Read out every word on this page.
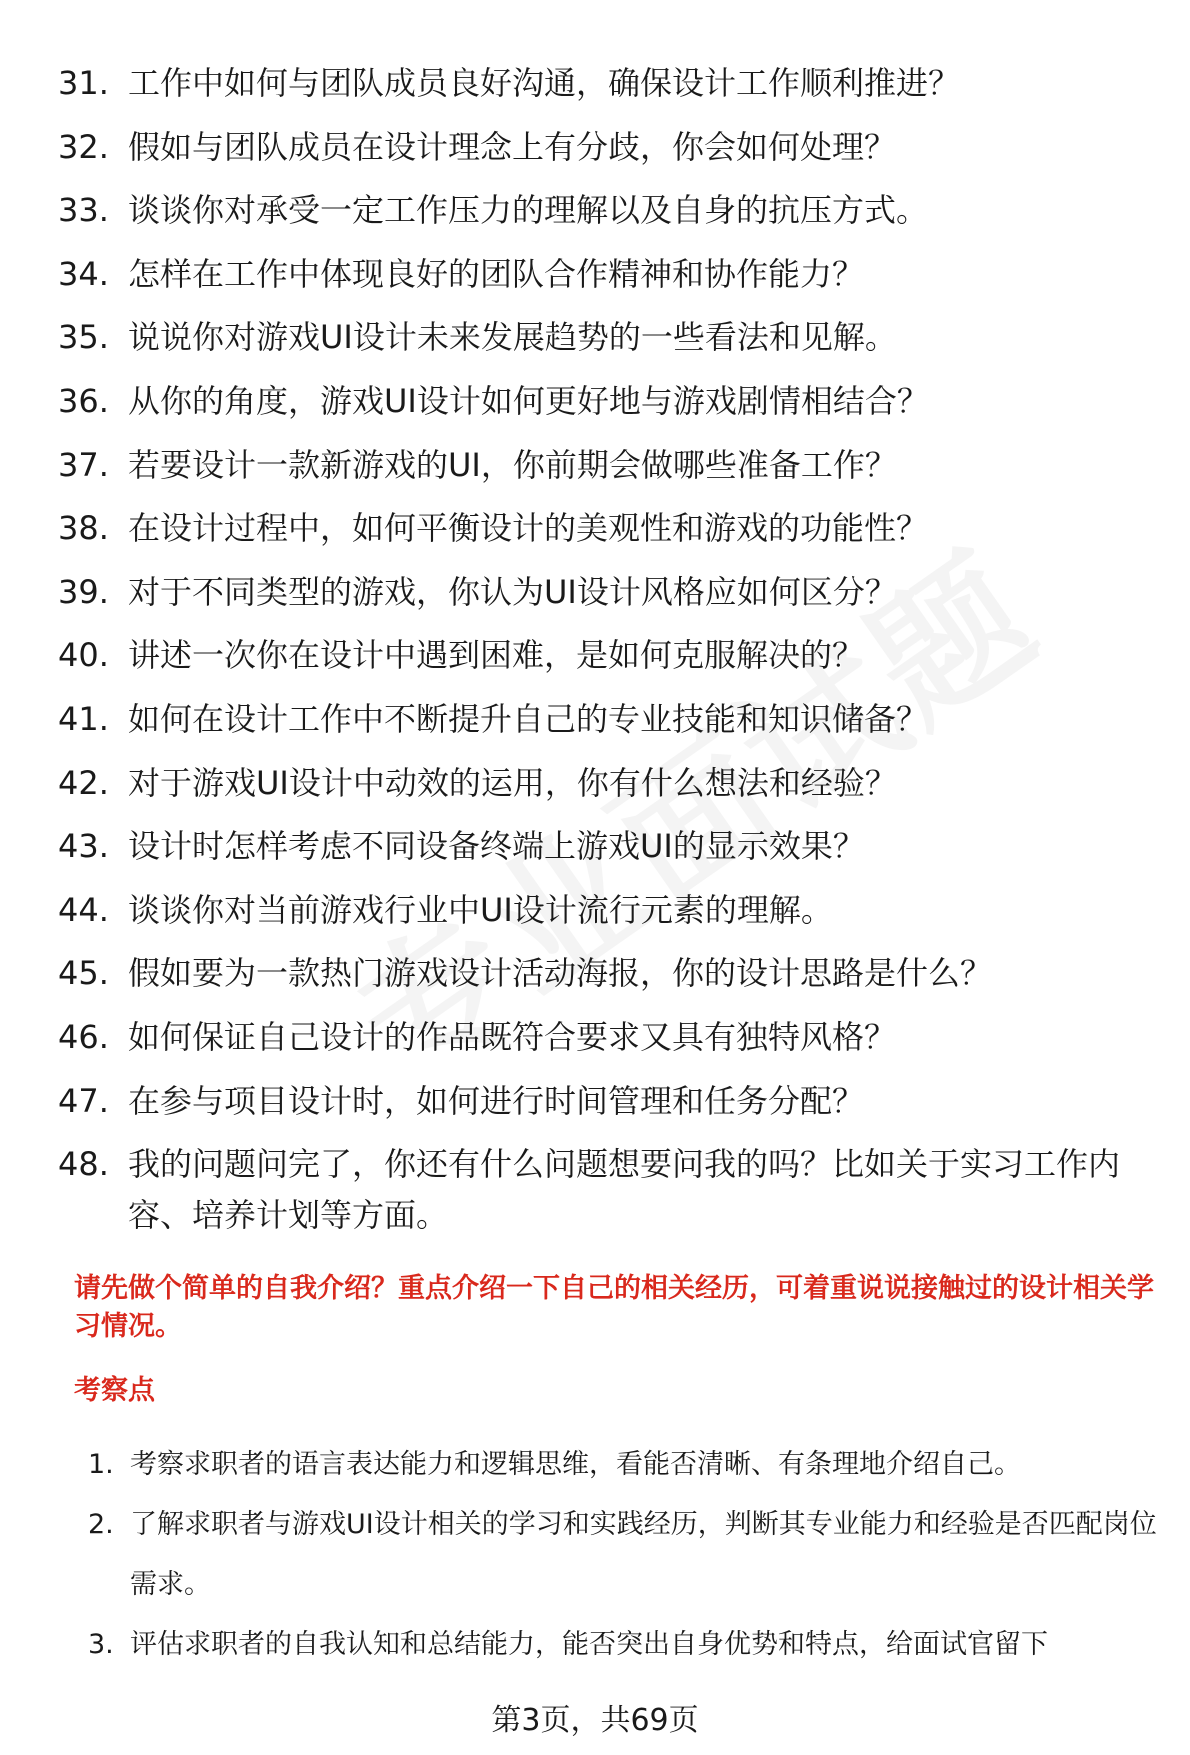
31. 工作中如何与团队成员良好沟通，确保设计工作顺利推进？
32. 假如与团队成员在设计理念上有分歧，你会如何处理？
33. 谈谈你对承受一定工作压力的理解以及自身的抗压方式。
34. 怎样在工作中体现良好的团队合作精神和协作能力？
35. 说说你对游戏UI设计未来发展趋势的一些看法和见解。
36. 从你的角度，游戏UI设计如何更好地与游戏剧情相结合？
37. 若要设计一款新游戏的UI，你前期会做哪些准备工作？
38. 在设计过程中，如何平衡设计的美观性和游戏的功能性？
39. 对于不同类型的游戏，你认为UI设计风格应如何区分？
40. 讲述一次你在设计中遇到困难，是如何克服解决的？
41. 如何在设计工作中不断提升自己的专业技能和知识储备？
42. 对于游戏UI设计中动效的运用，你有什么想法和经验？
43. 设计时怎样考虑不同设备终端上游戏UI的显示效果？
44. 谈谈你对当前游戏行业中UI设计流行元素的理解。
45. 假如要为一款热门游戏设计活动海报，你的设计思路是什么？
46. 如何保证自己设计的作品既符合要求又具有独特风格？
47. 在参与项目设计时，如何进行时间管理和任务分配？
48. 我的问题问完了，你还有什么问题想要问我的吗？比如关于实习工作内容、培养计划等方面。
请先做个简单的自我介绍？重点介绍一下自己的相关经历，可着重说说接触过的设计相关学习情况。
考察点
1. 考察求职者的语言表达能力和逻辑思维，看能否清晰、有条理地介绍自己。
2. 了解求职者与游戏UI设计相关的学习和实践经历，判断其专业能力和经验是否匹配岗位需求。
3. 评估求职者的自我认知和总结能力，能否突出自身优势和特点，给面试官留下
第3页，共69页
